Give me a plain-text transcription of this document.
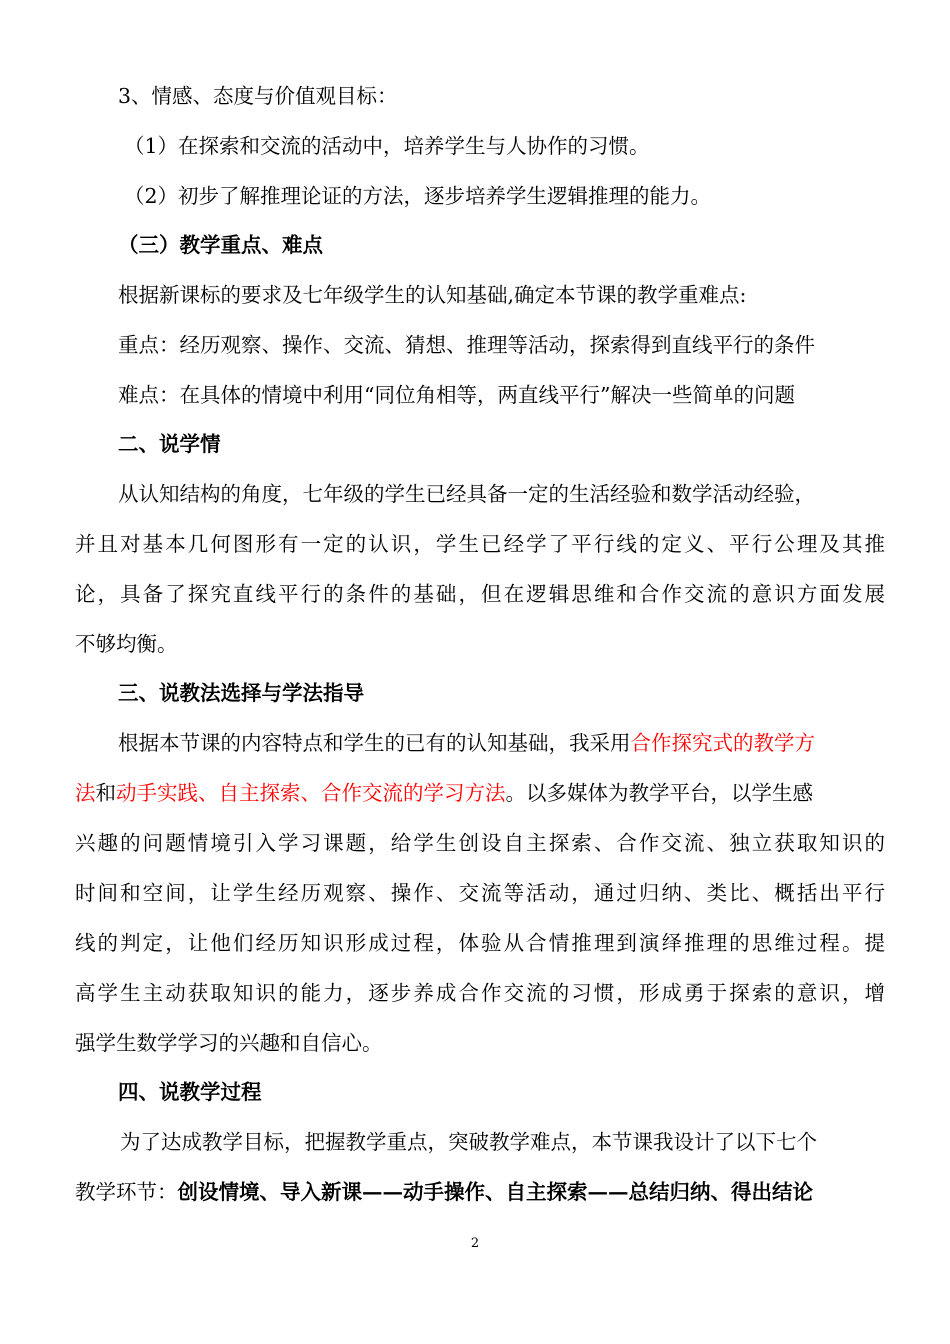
3、情感、态度与价值观目标：
（1）在探索和交流的活动中，培养学生与人协作的习惯。
（2）初步了解推理论证的方法，逐步培养学生逻辑推理的能力。
（三）教学重点、难点
根据新课标的要求及七年级学生的认知基础,确定本节课的教学重难点:
重点：经历观察、操作、交流、猜想、推理等活动，探索得到直线平行的条件
难点：在具体的情境中利用“同位角相等，两直线平行”解决一些简单的问题
二、说学情
从认知结构的角度，七年级的学生已经具备一定的生活经验和数学活动经验，
并且对基本几何图形有一定的认识，学生已经学了平行线的定义、平行公理及其推
论，具备了探究直线平行的条件的基础，但在逻辑思维和合作交流的意识方面发展
不够均衡。
三、说教法选择与学法指导
根据本节课的内容特点和学生的已有的认知基础，我采用合作探究式的教学方
法和动手实践、自主探索、合作交流的学习方法。以多媒体为教学平台，以学生感
兴趣的问题情境引入学习课题，给学生创设自主探索、合作交流、独立获取知识的
时间和空间，让学生经历观察、操作、交流等活动，通过归纳、类比、概括出平行
线的判定，让他们经历知识形成过程，体验从合情推理到演绎推理的思维过程。提
高学生主动获取知识的能力，逐步养成合作交流的习惯，形成勇于探索的意识，增
强学生数学学习的兴趣和自信心。
四、说教学过程
为了达成教学目标，把握教学重点，突破教学难点，本节课我设计了以下七个
教学环节：创设情境、导入新课——动手操作、自主探索——总结归纳、得出结论
2
